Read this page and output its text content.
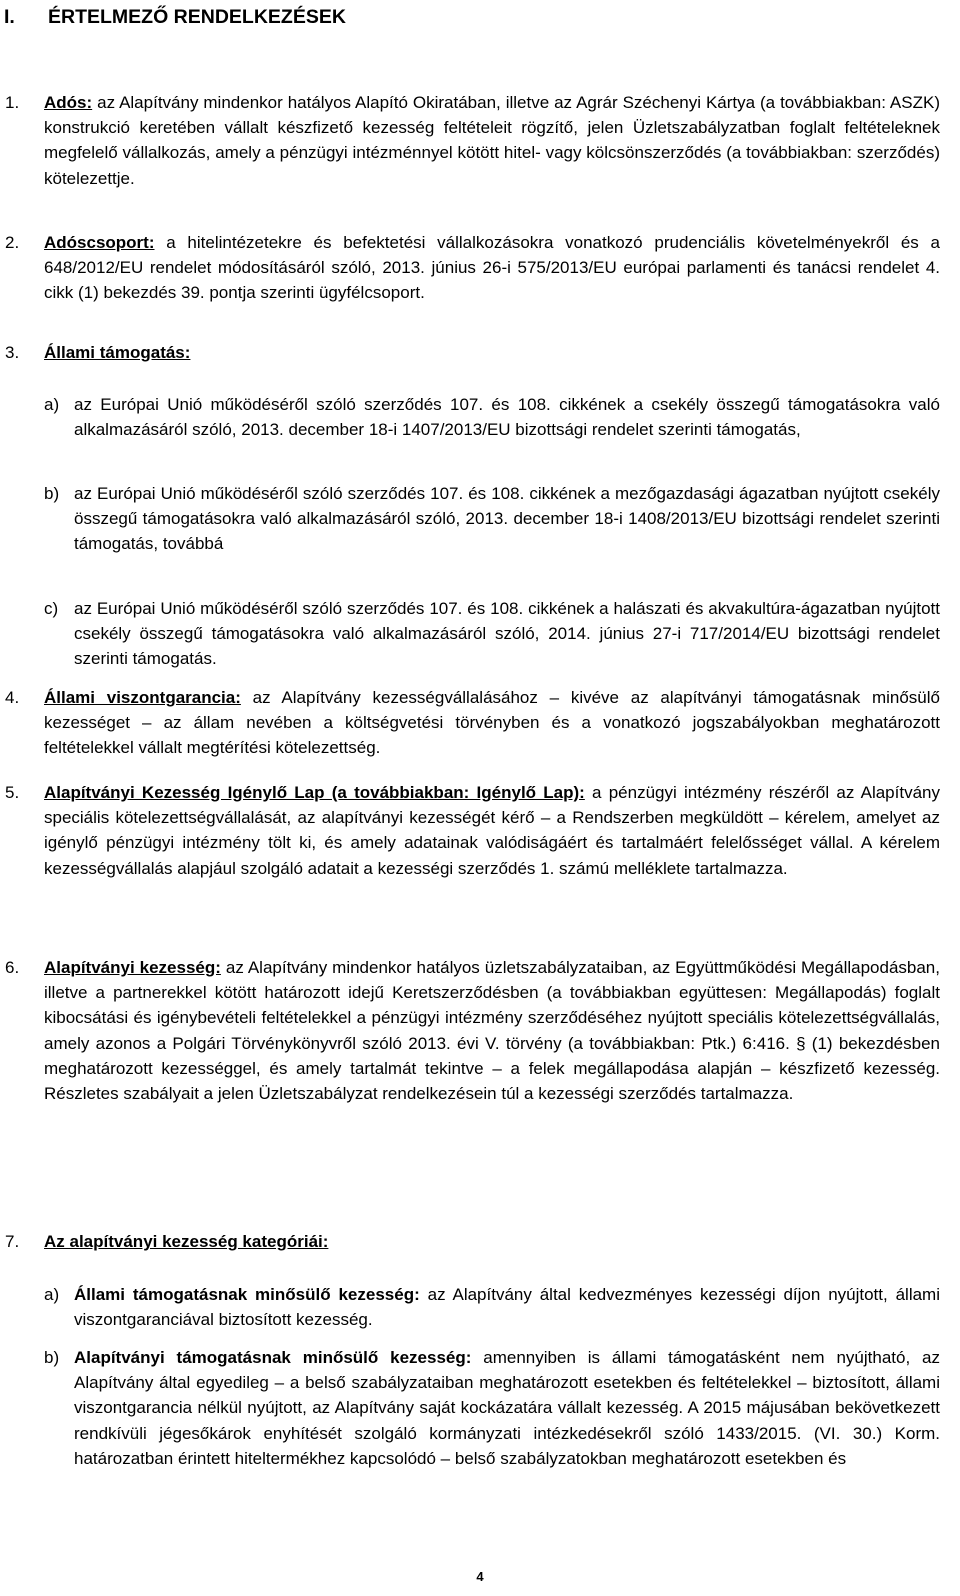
I. ÉRTELMEZŐ RENDELKEZÉSEK
1. Adós: az Alapítvány mindenkor hatályos Alapító Okiratában, illetve az Agrár Széchenyi Kártya (a továbbiakban: ASZK) konstrukció keretében vállalt készfizető kezesség feltételeit rögzítő, jelen Üzletszabályzatban foglalt feltételeknek megfelelő vállalkozás, amely a pénzügyi intézménnyel kötött hitel- vagy kölcsönszerződés (a továbbiakban: szerződés) kötelezettje.
2. Adóscsoport: a hitelintézetekre és befektetési vállalkozásokra vonatkozó prudenciális követelményekről és a 648/2012/EU rendelet módosításáról szóló, 2013. június 26-i 575/2013/EU európai parlamenti és tanácsi rendelet 4. cikk (1) bekezdés 39. pontja szerinti ügyfélcsoport.
3. Állami támogatás:
a) az Európai Unió működéséről szóló szerződés 107. és 108. cikkének a csekély összegű támogatásokra való alkalmazásáról szóló, 2013. december 18-i 1407/2013/EU bizottsági rendelet szerinti támogatás,
b) az Európai Unió működéséről szóló szerződés 107. és 108. cikkének a mezőgazdasági ágazatban nyújtott csekély összegű támogatásokra való alkalmazásáról szóló, 2013. december 18-i 1408/2013/EU bizottsági rendelet szerinti támogatás, továbbá
c) az Európai Unió működéséről szóló szerződés 107. és 108. cikkének a halászati és akvakultúra-ágazatban nyújtott csekély összegű támogatásokra való alkalmazásáról szóló, 2014. június 27-i 717/2014/EU bizottsági rendelet szerinti támogatás.
4. Állami viszontgarancia: az Alapítvány kezességvállalásához – kivéve az alapítványi támogatásnak minősülő kezességet – az állam nevében a költségvetési törvényben és a vonatkozó jogszabályokban meghatározott feltételekkel vállalt megtérítési kötelezettség.
5. Alapítványi Kezesség Igénylő Lap (a továbbiakban: Igénylő Lap): a pénzügyi intézmény részéről az Alapítvány speciális kötelezettségvállalását, az alapítványi kezességét kérő – a Rendszerben megküldött – kérelem, amelyet az igénylő pénzügyi intézmény tölt ki, és amely adatainak valódiságáért és tartalmáért felelősséget vállal. A kérelem kezességvállalás alapjául szolgáló adatait a kezességi szerződés 1. számú melléklete tartalmazza.
6. Alapítványi kezesség: az Alapítvány mindenkor hatályos üzletszabályzataiban, az Együttműködési Megállapodásban, illetve a partnerekkel kötött határozott idejű Keretszerződésben (a továbbiakban együttesen: Megállapodás) foglalt kibocsátási és igénybevételi feltételekkel a pénzügyi intézmény szerződéséhez nyújtott speciális kötelezettségvállalás, amely azonos a Polgári Törvénykönyvről szóló 2013. évi V. törvény (a továbbiakban: Ptk.) 6:416. § (1) bekezdésben meghatározott kezességgel, és amely tartalmát tekintve – a felek megállapodása alapján – készfizető kezesség. Részletes szabályait a jelen Üzletszabályzat rendelkezésein túl a kezességi szerződés tartalmazza.
7. Az alapítványi kezesség kategóriái:
a) Állami támogatásnak minősülő kezesség: az Alapítvány által kedvezményes kezességi díjon nyújtott, állami viszontgaranciával biztosított kezesség.
b) Alapítványi támogatásnak minősülő kezesség: amennyiben is állami támogatásként nem nyújtható, az Alapítvány által egyedileg – a belső szabályzataiban meghatározott esetekben és feltételekkel – biztosított, állami viszontgarancia nélkül nyújtott, az Alapítvány saját kockázatára vállalt kezesség. A 2015 májusában bekövetkezett rendkívüli jégesőkárok enyhítését szolgáló kormányzati intézkedésekről szóló 1433/2015. (VI. 30.) Korm. határozatban érintett hiteltermékhez kapcsolódó – belső szabályzatokban meghatározott esetekben és
4
